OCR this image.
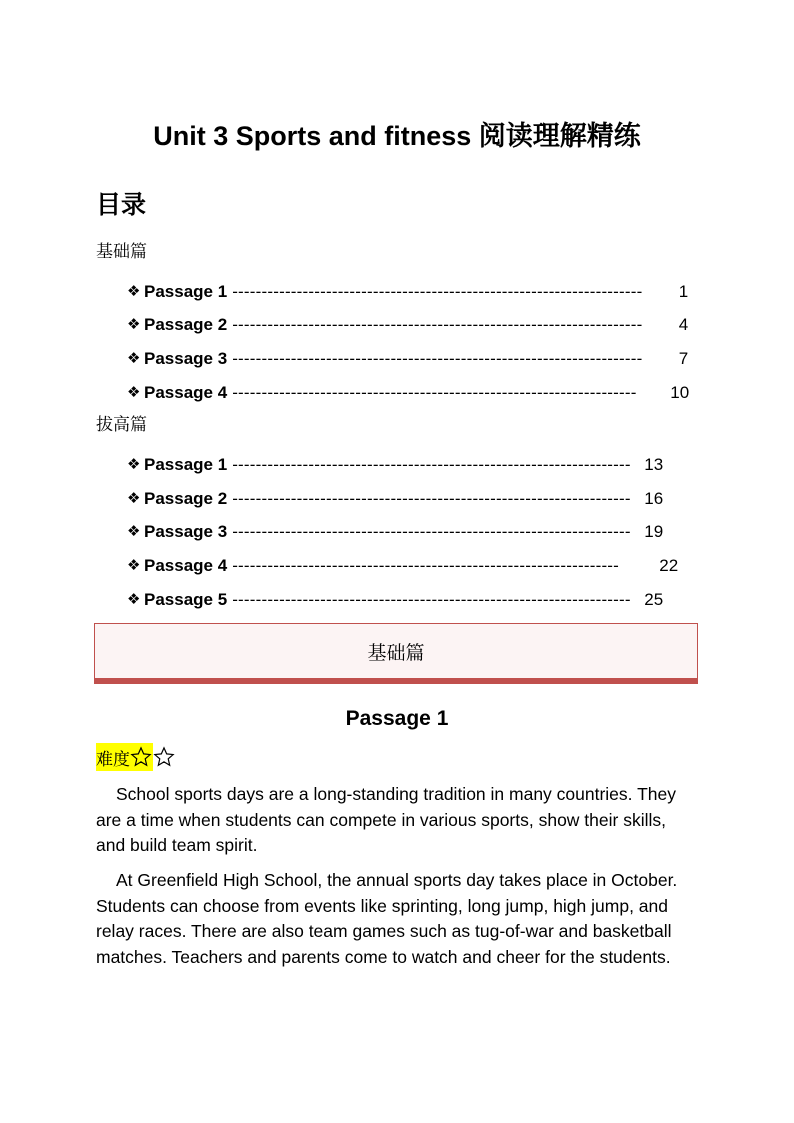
Unit 3 Sports and fitness 阅读理解精练
目录
基础篇
❖ Passage 1 ----------------------------------------------------------------------	1
❖ Passage 2 ----------------------------------------------------------------------	4
❖ Passage 3 ----------------------------------------------------------------------	7
❖ Passage 4 ---------------------------------------------------------------------	10
拔高篇
❖ Passage 1 -------------------------------------------------------------------- 13
❖ Passage 2 -------------------------------------------------------------------- 16
❖ Passage 3 -------------------------------------------------------------------- 19
❖ Passage 4 ------------------------------------------------------------------	22
❖ Passage 5 -------------------------------------------------------------------- 25
基础篇
Passage 1
难度
School sports days are a long-standing tradition in many countries. They are a time when students can compete in various sports, show their skills, and build team spirit.
At Greenfield High School, the annual sports day takes place in October. Students can choose from events like sprinting, long jump, high jump, and relay races. There are also team games such as tug-of-war and basketball matches. Teachers and parents come to watch and cheer for the students.
